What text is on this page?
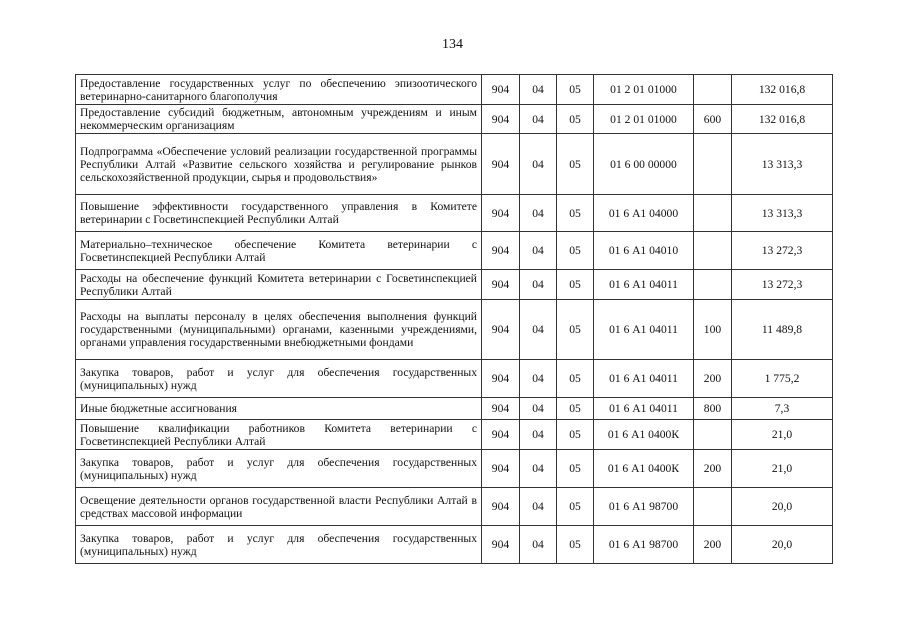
134
Предоставление государственных услуг по обеспечению эпизоотического ветеринарно-санитарного благополучия	904	04	05	01 2 01 01000		132 016,8
Предоставление субсидий бюджетным, автономным учреждениям и иным некоммерческим организациям	904	04	05	01 2 01 01000	600	132 016,8
Подпрограмма «Обеспечение условий реализации государственной программы Республики Алтай «Развитие сельского хозяйства и регулирование рынков сельскохозяйственной продукции, сырья и продовольствия»	904	04	05	01 6 00 00000		13 313,3
Повышение эффективности государственного управления в Комитете ветеринарии с Госветинспекцией Республики Алтай	904	04	05	01 6 А1 04000		13 313,3
Материально–техническое обеспечение Комитета ветеринарии с Госветинспекцией Республики Алтай	904	04	05	01 6 А1 04010		13 272,3
Расходы на обеспечение функций Комитета ветеринарии с Госветинспекцией Республики Алтай	904	04	05	01 6 А1 04011		13 272,3
Расходы на выплаты персоналу в целях обеспечения выполнения функций государственными (муниципальными) органами, казенными учреждениями, органами управления государственными внебюджетными фондами	904	04	05	01 6 А1 04011	100	11 489,8
Закупка товаров, работ и услуг для обеспечения государственных (муниципальных) нужд	904	04	05	01 6 А1 04011	200	1 775,2
Иные бюджетные ассигнования	904	04	05	01 6 А1 04011	800	7,3
Повышение квалификации работников Комитета ветеринарии с Госветинспекцией Республики Алтай	904	04	05	01 6 А1 0400К		21,0
Закупка товаров, работ и услуг для обеспечения государственных (муниципальных) нужд	904	04	05	01 6 А1 0400К	200	21,0
Освещение деятельности органов государственной власти Республики Алтай в средствах массовой информации	904	04	05	01 6 А1 98700		20,0
Закупка товаров, работ и услуг для обеспечения государственных (муниципальных) нужд	904	04	05	01 6 А1 98700	200	20,0
